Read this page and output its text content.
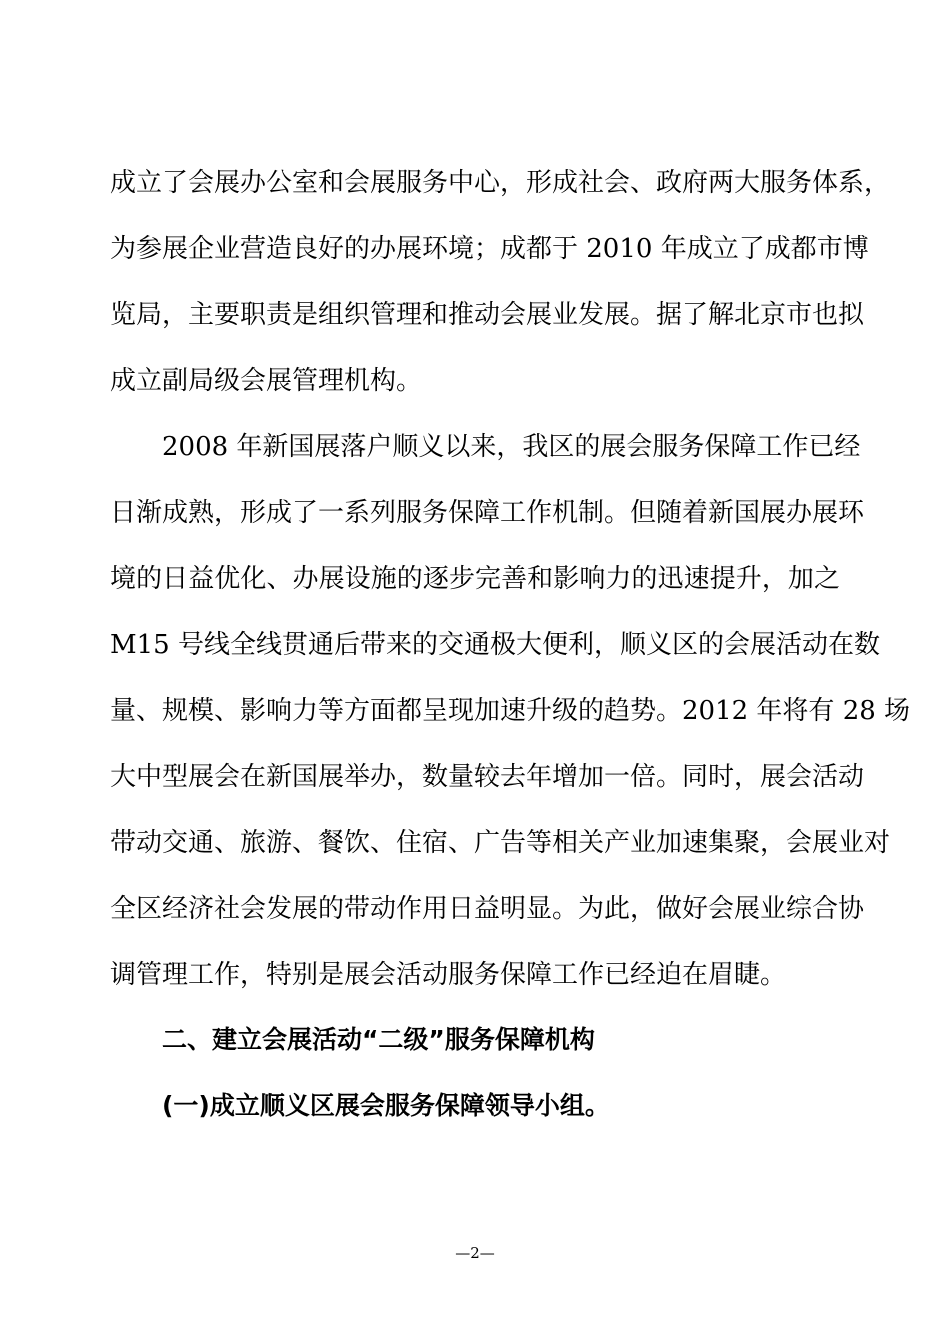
成立了会展办公室和会展服务中心，形成社会、政府两大服务体系，
为参展企业营造良好的办展环境；成都于 2010 年成立了成都市博
览局，主要职责是组织管理和推动会展业发展。据了解北京市也拟
成立副局级会展管理机构。
2008 年新国展落户顺义以来，我区的展会服务保障工作已经
日渐成熟，形成了一系列服务保障工作机制。但随着新国展办展环
境的日益优化、办展设施的逐步完善和影响力的迅速提升，加之
M15 号线全线贯通后带来的交通极大便利，顺义区的会展活动在数
量、规模、影响力等方面都呈现加速升级的趋势。2012 年将有 28 场
大中型展会在新国展举办，数量较去年增加一倍。同时，展会活动
带动交通、旅游、餐饮、住宿、广告等相关产业加速集聚，会展业对
全区经济社会发展的带动作用日益明显。为此，做好会展业综合协
调管理工作，特别是展会活动服务保障工作已经迫在眉睫。
二、建立会展活动“二级”服务保障机构
(一)成立顺义区展会服务保障领导小组。
—2—
